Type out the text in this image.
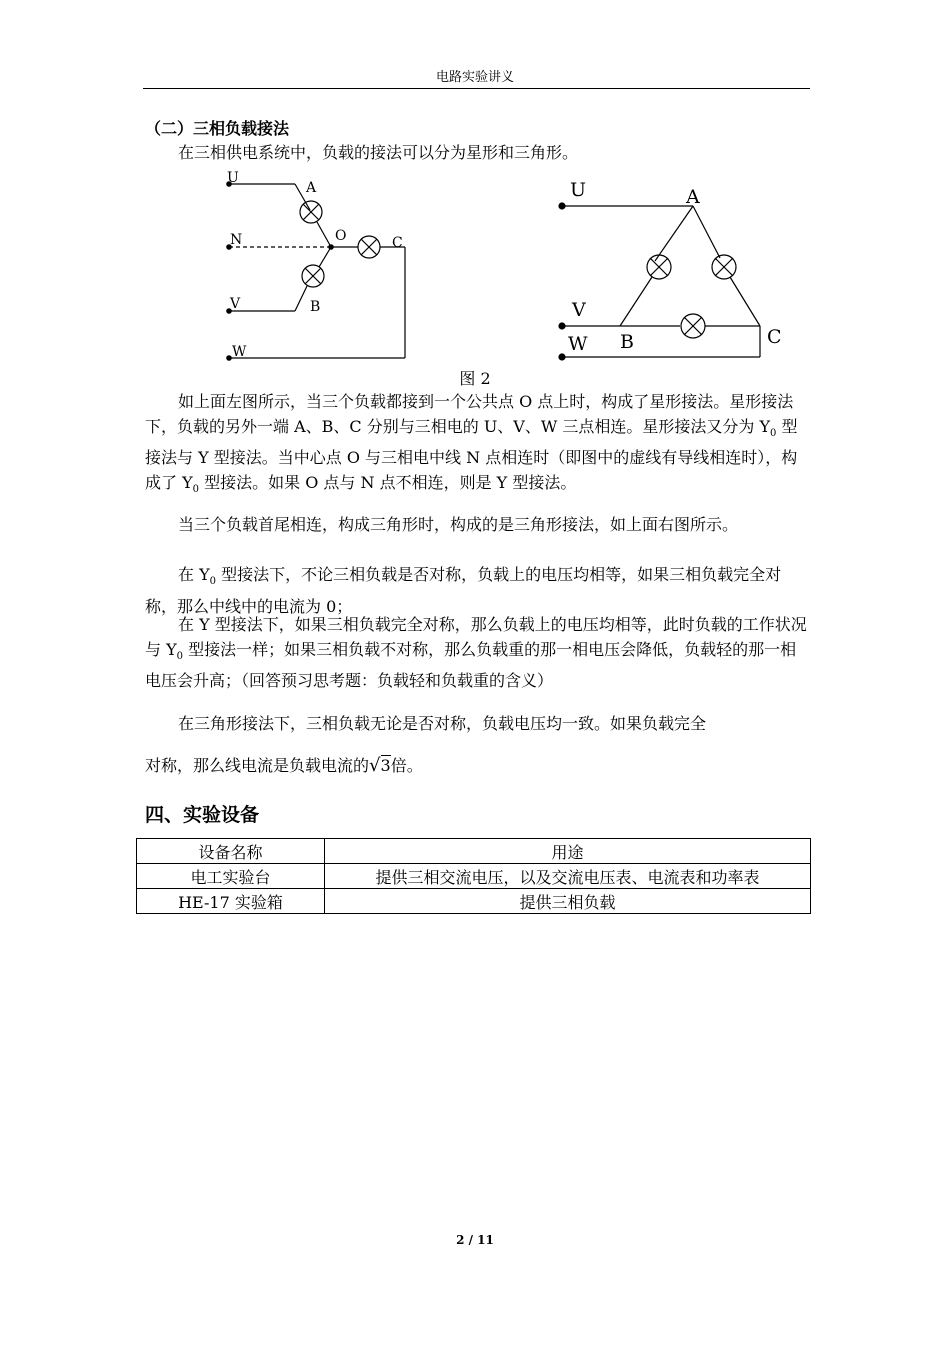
电路实验讲义
（二）三相负载接法

在三相供电系统中，负载的接法可以分为星形和三角形。

U
A
N	O	C
V	B
W
U	A
V
W B	C
图 2

如上面左图所示，当三个负载都接到一个公共点 O 点上时，构成了星形接法。星形接法下，负载的另外一端 A、B、C 分别与三相电的 U、V、W 三点相连。星形接法又分为 $Y_0$ 型接法与 Y 型接法。当中心点 O 与三相电中线 N 点相连时（即图中的虚线有导线相连时），构成了 $Y_0$ 型接法。如果 O 点与 N 点不相连，则是 Y 型接法。

当三个负载首尾相连，构成三角形时，构成的是三角形接法，如上面右图所示。

在 $Y_0$ 型接法下，不论三相负载是否对称，负载上的电压均相等，如果三相负载完全对称，那么中线中的电流为 0；

在 Y 型接法下，如果三相负载完全对称，那么负载上的电压均相等，此时负载的工作状况与 $Y_0$ 型接法一样；如果三相负载不对称，那么负载重的那一相电压会降低，负载轻的那一相电压会升高；（回答预习思考题：负载轻和负载重的含义）

在三角形接法下，三相负载无论是否对称，负载电压均一致。如果负载完全

对称，那么线电流是负载电流的√3倍。

四、实验设备
设备名称	用途
电工实验台	提供三相交流电压，以及交流电压表、电流表和功率表
HE-17 实验箱	提供三相负载
2 / 11
